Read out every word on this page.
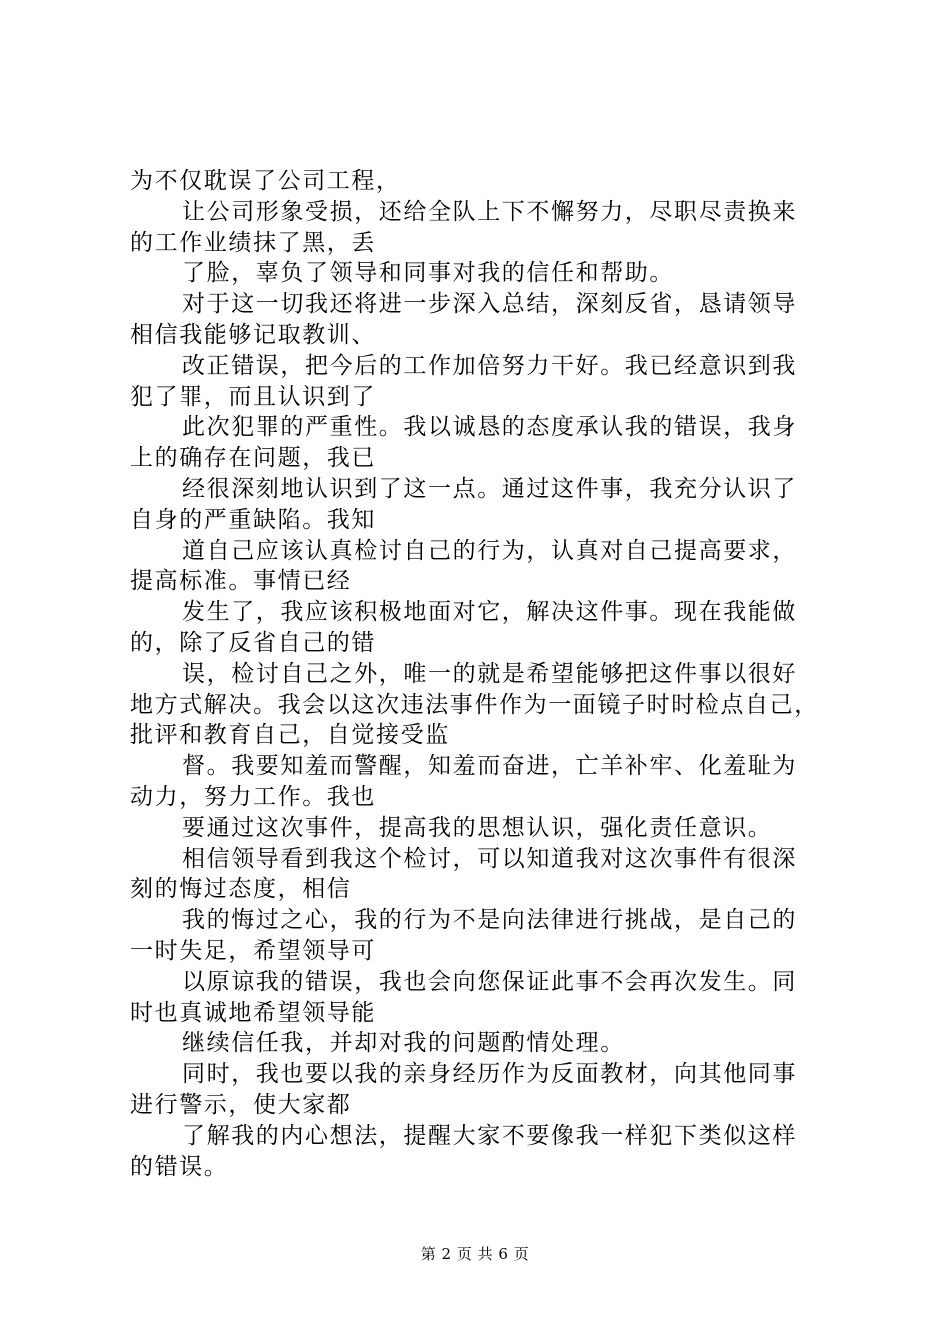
为不仅耽误了公司工程，
让公司形象受损，还给全队上下不懈努力，尽职尽责换来
的工作业绩抹了黑，丢
了脸，辜负了领导和同事对我的信任和帮助。
对于这一切我还将进一步深入总结，深刻反省，恳请领导
相信我能够记取教训、
改正错误，把今后的工作加倍努力干好。我已经意识到我
犯了罪，而且认识到了
此次犯罪的严重性。我以诚恳的态度承认我的错误，我身
上的确存在问题，我已
经很深刻地认识到了这一点。通过这件事，我充分认识了
自身的严重缺陷。我知
道自己应该认真检讨自己的行为，认真对自己提高要求，
提高标准。事情已经
发生了，我应该积极地面对它，解决这件事。现在我能做
的，除了反省自己的错
误，检讨自己之外，唯一的就是希望能够把这件事以很好
地方式解决。我会以这次违法事件作为一面镜子时时检点自己，
批评和教育自己，自觉接受监
督。我要知羞而警醒，知羞而奋进，亡羊补牢、化羞耻为
动力，努力工作。我也
要通过这次事件，提高我的思想认识，强化责任意识。
相信领导看到我这个检讨，可以知道我对这次事件有很深
刻的悔过态度，相信
我的悔过之心，我的行为不是向法律进行挑战，是自己的
一时失足，希望领导可
以原谅我的错误，我也会向您保证此事不会再次发生。同
时也真诚地希望领导能
继续信任我，并却对我的问题酌情处理。
同时，我也要以我的亲身经历作为反面教材，向其他同事
进行警示，使大家都
了解我的内心想法，提醒大家不要像我一样犯下类似这样
的错误。
第 2 页 共 6 页
